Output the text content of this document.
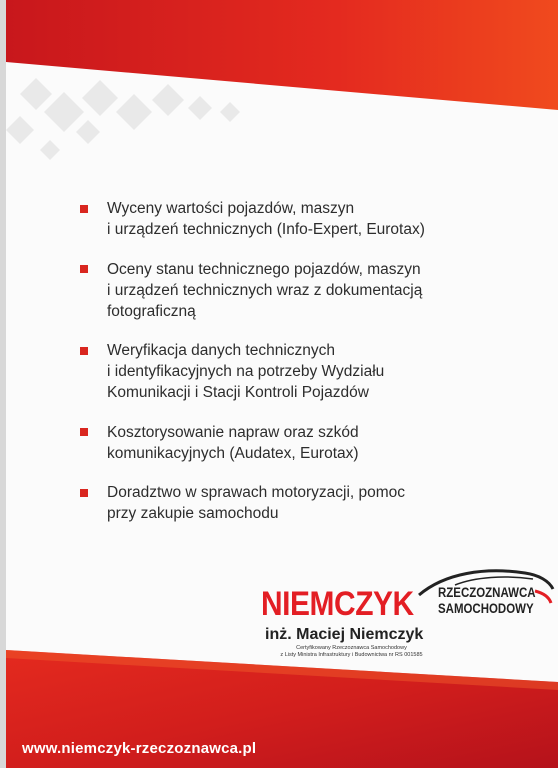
Wyceny wartości pojazdów, maszyn
i urządzeń technicznych (Info-Expert, Eurotax)
Oceny stanu technicznego pojazdów, maszyn
i urządzeń technicznych wraz z dokumentacją
fotograficzną
Weryfikacja danych technicznych
i identyfikacyjnych na potrzeby Wydziału
Komunikacji i Stacji Kontroli Pojazdów
Kosztorysowanie napraw oraz szkód
komunikacyjnych (Audatex, Eurotax)
Doradztwo w sprawach motoryzacji, pomoc
przy zakupie samochodu
NIEMCZYK RZECZOZNAWCA
SAMOCHODOWY
inż. Maciej Niemczyk
Certyfikowany Rzeczoznawca Samochodowy
z Listy Ministra Infrastruktury i Budownictwa nr RS 001585
www.niemczyk-rzeczoznawca.pl
